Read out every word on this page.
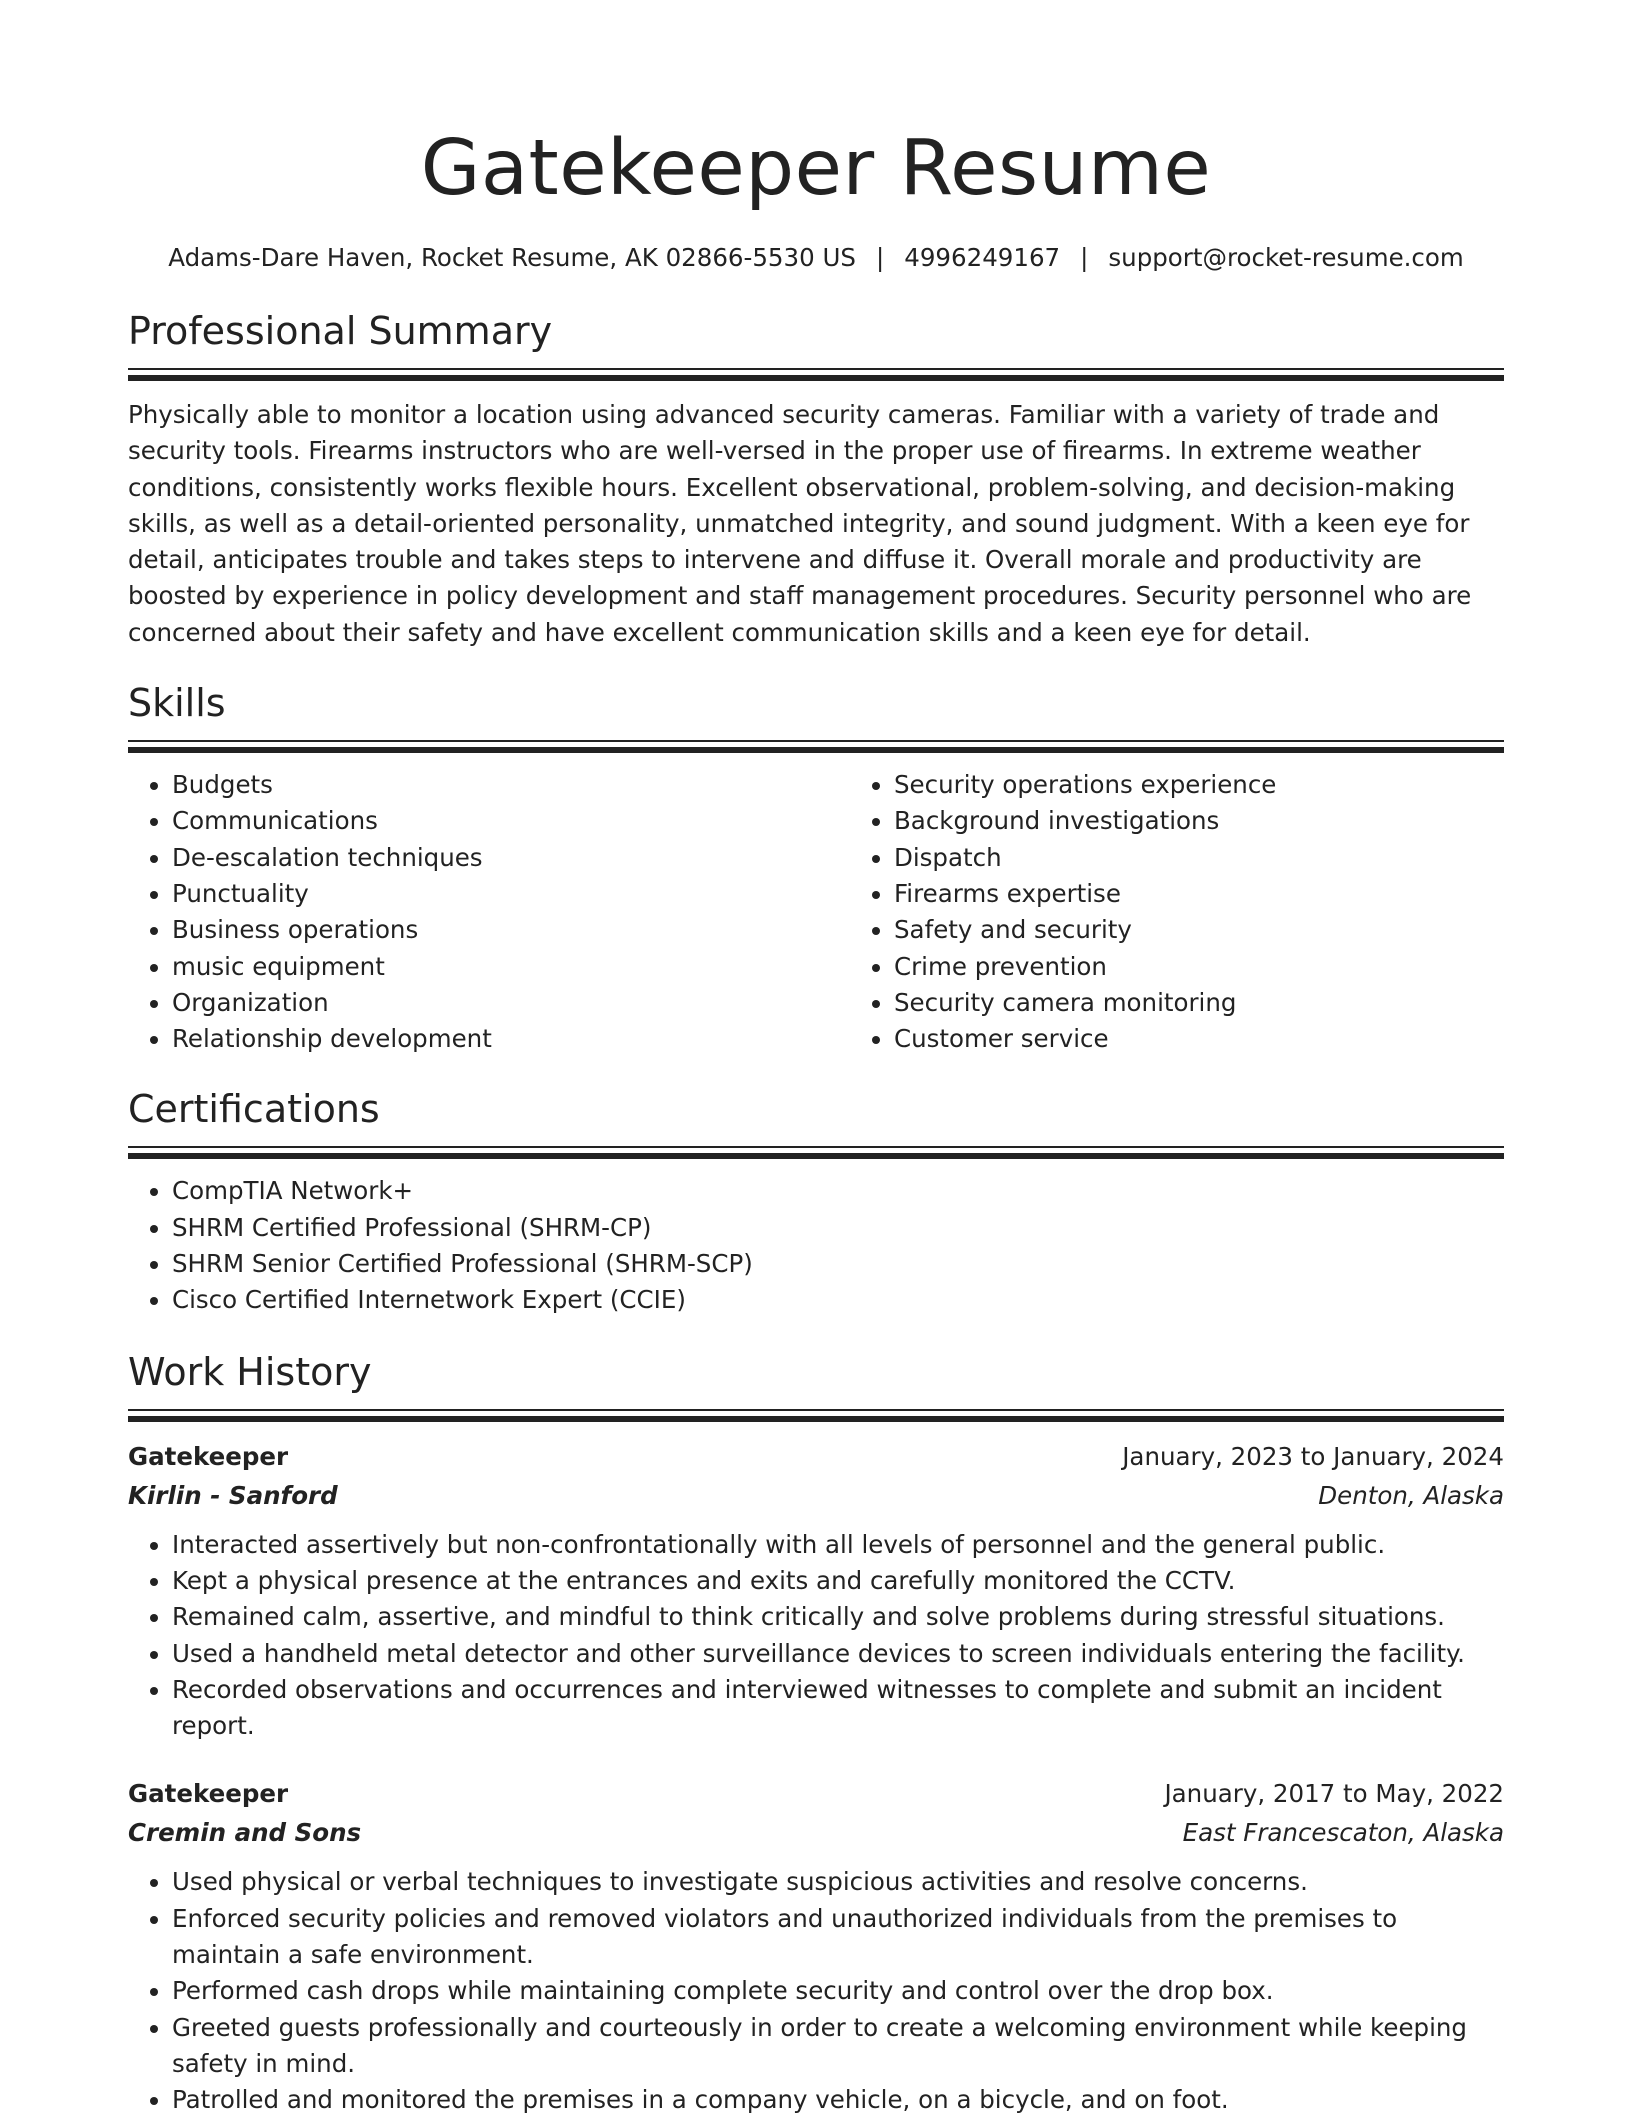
Gatekeeper Resume
Adams-Dare Haven, Rocket Resume, AK 02866-5530 US | 4996249167 | support@rocket-resume.com
Professional Summary

Physically able to monitor a location using advanced security cameras. Familiar with a variety of trade and security tools. Firearms instructors who are well-versed in the proper use of firearms. In extreme weather conditions, consistently works flexible hours. Excellent observational, problem-solving, and decision-making skills, as well as a detail-oriented personality, unmatched integrity, and sound judgment. With a keen eye for detail, anticipates trouble and takes steps to intervene and diffuse it. Overall morale and productivity are boosted by experience in policy development and staff management procedures. Security personnel who are concerned about their safety and have excellent communication skills and a keen eye for detail.

Skills
• Budgets
• Communications
• De-escalation techniques
• Punctuality
• Business operations
• music equipment
• Organization
• Relationship development
• Security operations experience
• Background investigations
• Dispatch
• Firearms expertise
• Safety and security
• Crime prevention
• Security camera monitoring
• Customer service
Certifications
• CompTIA Network+
• SHRM Certified Professional (SHRM-CP)
• SHRM Senior Certified Professional (SHRM-SCP)
• Cisco Certified Internetwork Expert (CCIE)
Work History
Gatekeeper	January, 2023 to January, 2024
Kirlin - Sanford	Denton, Alaska
• Interacted assertively but non-confrontationally with all levels of personnel and the general public.
• Kept a physical presence at the entrances and exits and carefully monitored the CCTV.
• Remained calm, assertive, and mindful to think critically and solve problems during stressful situations.
• Used a handheld metal detector and other surveillance devices to screen individuals entering the facility.
• Recorded observations and occurrences and interviewed witnesses to complete and submit an incident report.
Gatekeeper	January, 2017 to May, 2022
Cremin and Sons	East Francescaton, Alaska
• Used physical or verbal techniques to investigate suspicious activities and resolve concerns.
• Enforced security policies and removed violators and unauthorized individuals from the premises to maintain a safe environment.
• Performed cash drops while maintaining complete security and control over the drop box.
• Greeted guests professionally and courteously in order to create a welcoming environment while keeping safety in mind.
• Patrolled and monitored the premises in a company vehicle, on a bicycle, and on foot.
